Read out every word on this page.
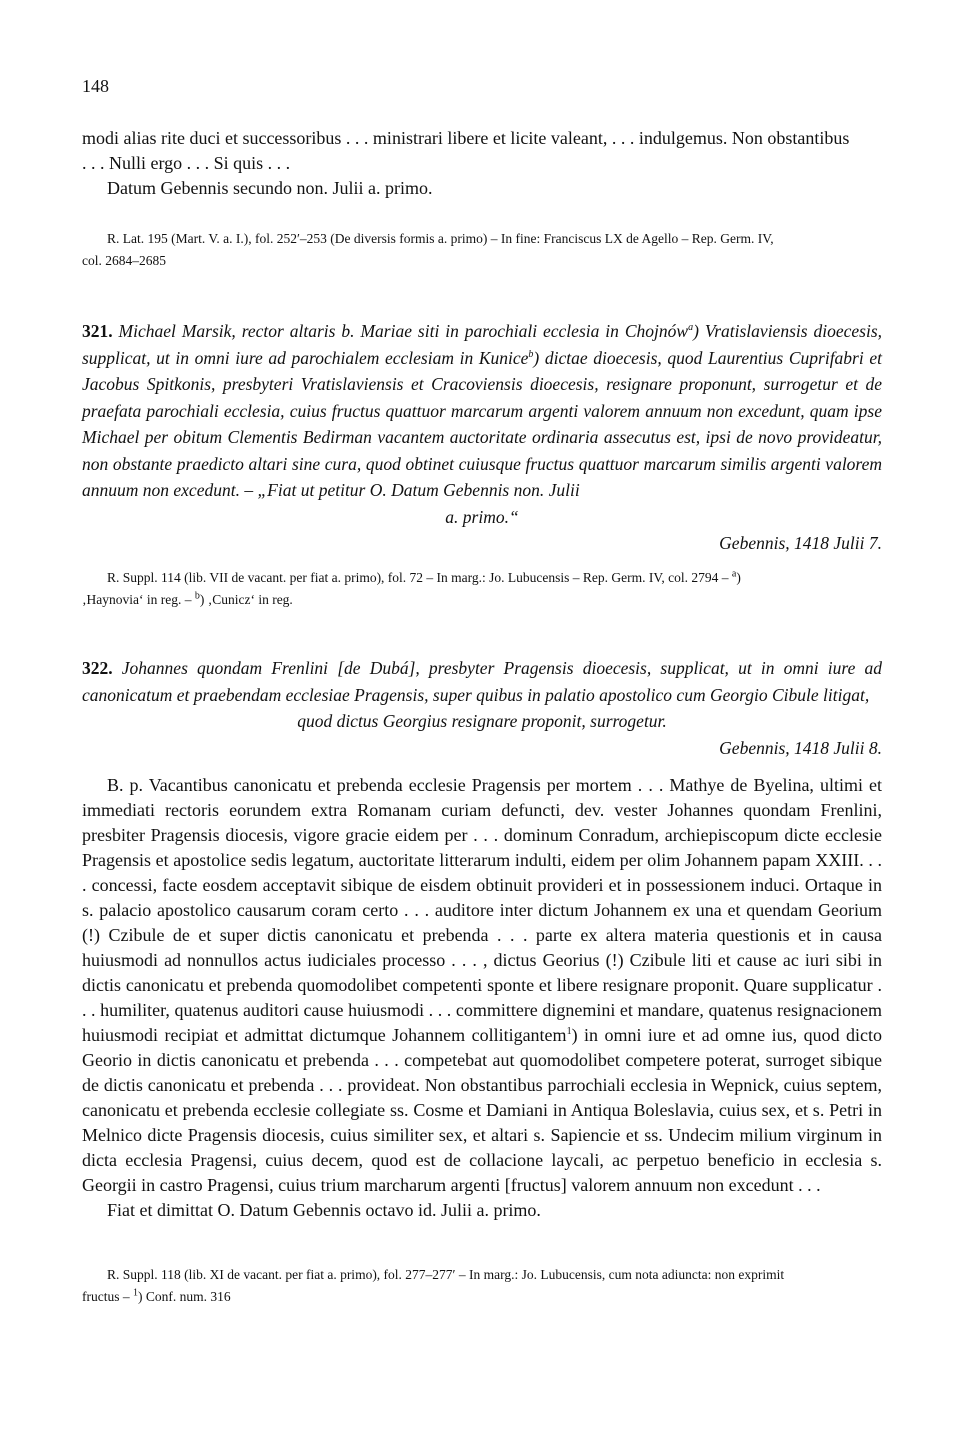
148

modi alias rite duci et successoribus . . . ministrari libere et licite valeant, . . . indulgemus. Non obstantibus

. . . Nulli ergo . . . Si quis . . .

Datum Gebennis secundo non. Julii a. primo.

R. Lat. 195 (Mart. V. a. I.), fol. 252′–253 (De diversis formis a. primo) – In fine: Franciscus LX de Agello – Rep. Germ. IV,

col. 2684–2685

321. Michael Marsik, rector altaris b. Mariae siti in parochiali ecclesia in Chojnów$^a$) Vratislaviensis dioecesis, supplicat, ut in omni iure ad parochialem ecclesiam in Kunice$^b$) dictae dioecesis, quod Laurentius Cuprifabri et Jacobus Spitkonis, presbyteri Vratislaviensis et Cracoviensis dioecesis, resignare proponunt, surrogetur et de praefata parochiali ecclesia, cuius fructus quattuor marcarum argenti valorem annuum non excedunt, quam ipse Michael per obitum Clementis Bedirman vacantem auctoritate ordinaria assecutus est, ipsi de novo provideatur, non obstante praedicto altari sine cura, quod obtinet cuiusque fructus quattuor marcarum similis argenti valorem annuum non excedunt. – „Fiat ut petitur O. Datum Gebennis non. Julii

a. primo.“

Gebennis, 1418 Julii 7.

R. Suppl. 114 (lib. VII de vacant. per fiat a. primo), fol. 72 – In marg.: Jo. Lubucensis – Rep. Germ. IV, col. 2794 – $^a$)

‚Haynovia‘ in reg. – $^b$) ‚Cunicz‘ in reg.

322. Johannes quondam Frenlini [de Dubá], presbyter Pragensis dioecesis, supplicat, ut in omni iure ad canonicatum et praebendam ecclesiae Pragensis, super quibus in palatio apostolico cum Georgio Cibule litigat,

quod dictus Georgius resignare proponit, surrogetur.

Gebennis, 1418 Julii 8.

B. p. Vacantibus canonicatu et prebenda ecclesie Pragensis per mortem . . . Mathye de Byelina, ultimi et immediati rectoris eorundem extra Romanam curiam defuncti, dev. vester Johannes quondam Frenlini, presbiter Pragensis diocesis, vigore gracie eidem per . . . dominum Conradum, archiepiscopum dicte ecclesie Pragensis et apostolice sedis legatum, auctoritate litterarum indulti, eidem per olim Johannem papam XXIII. . . . concessi, facte eosdem acceptavit sibique de eisdem obtinuit provideri et in possessionem induci. Ortaque in s. palacio apostolico causarum coram certo . . . auditore inter dictum Johannem ex una et quendam Georium (!) Czibule de et super dictis canonicatu et prebenda . . . parte ex altera materia questionis et in causa huiusmodi ad nonnullos actus iudiciales processo . . . , dictus Georius (!) Czibule liti et cause ac iuri sibi in dictis canonicatu et prebenda quomodolibet competenti sponte et libere resignare proponit. Quare supplicatur . . . humiliter, quatenus auditori cause huiusmodi . . . committere dignemini et mandare, quatenus resignacionem huiusmodi recipiat et admittat dictumque Johannem collitigantem$^1$) in omni iure et ad omne ius, quod dicto Georio in dictis canonicatu et prebenda . . . competebat aut quomodolibet competere poterat, surroget sibique de dictis canonicatu et prebenda . . . provideat. Non obstantibus parrochiali ecclesia in Wepnick, cuius septem, canonicatu et prebenda ecclesie collegiate ss. Cosme et Damiani in Antiqua Boleslavia, cuius sex, et s. Petri in Melnico dicte Pragensis diocesis, cuius similiter sex, et altari s. Sapiencie et ss. Undecim milium virginum in dicta ecclesia Pragensi, cuius decem, quod est de collacione laycali, ac perpetuo beneficio in ecclesia s. Georgii in castro Pragensi, cuius trium marcharum argenti [fructus] valorem annuum non excedunt . . .

Fiat et dimittat O. Datum Gebennis octavo id. Julii a. primo.

R. Suppl. 118 (lib. XI de vacant. per fiat a. primo), fol. 277–277′ – In marg.: Jo. Lubucensis, cum nota adiuncta: non exprimit

fructus – $^1$) Conf. num. 316
